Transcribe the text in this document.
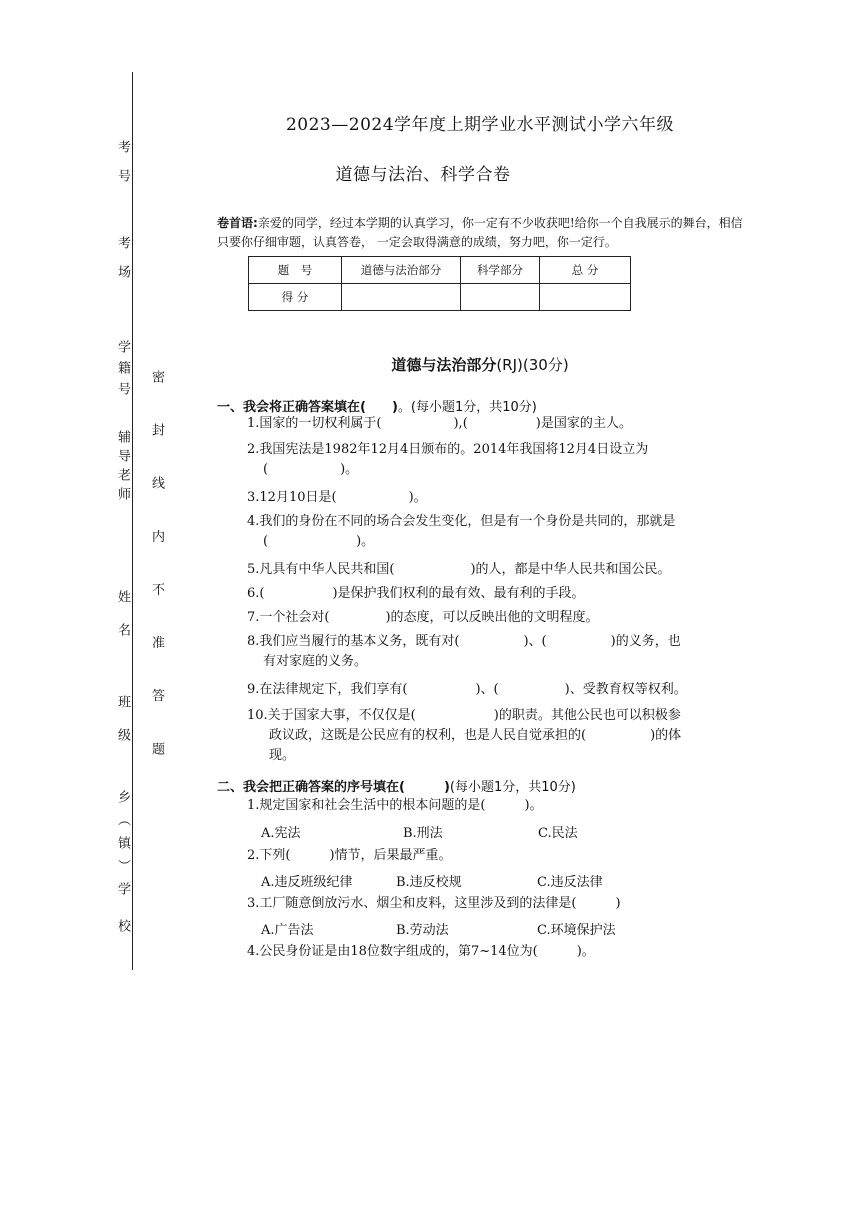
考 号
考 场
学籍号
辅导老师
姓 名
班 级
乡（镇）学 校
密 封 线 内 不 准 答 题
2023—2024学年度上期学业水平测试小学六年级
道德与法治、科学合卷
卷首语:亲爱的同学，经过本学期的认真学习，你一定有不少收获吧!给你一个自我展示的舞台，相信只要你仔细审题，认真答卷， 一定会取得满意的成绩，努力吧，你一定行。
题　号	道德与法治部分	科学部分	总 分
得 分			
道德与法治部分(RJ)(30分)
一、我会将正确答案填在(　　)。(每小题1分，共10分)
1.国家的一切权利属于(	),(	)是国家的主人。
2.我国宪法是1982年12月4日颁布的。2014年我国将12月4日设立为
(	)。
3.12月10日是(	)。
4.我们的身份在不同的场合会发生变化，但是有一个身份是共同的，那就是
(	)。
5.凡具有中华人民共和国(	)的人，都是中华人民共和国公民。
6.(	)是保护我们权利的最有效、最有利的手段。
7.一个社会对(	)的态度，可以反映出他的文明程度。
8.我们应当履行的基本义务，既有对(	)、(	)的义务，也
有对家庭的义务。
9.在法律规定下，我们享有(	)、(	)、受教育权等权利。
10.关于国家大事，不仅仅是(	)的职责。其他公民也可以积极参
政议政，这既是公民应有的权利，也是人民自觉承担的(	)的体
现。
二、我会把正确答案的序号填在(　　　)(每小题1分，共10分)
1.规定国家和社会生活中的根本问题的是(　　　)。
A.宪法	B.刑法	C.民法
2.下列(　　　)情节，后果最严重。
A.违反班级纪律	B.违反校规	C.违反法律
3.工厂随意倒放污水、烟尘和皮料，这里涉及到的法律是(　　　)
A.广告法	B.劳动法	C.环境保护法
4.公民身份证是由18位数字组成的，第7~14位为(　　　)。
